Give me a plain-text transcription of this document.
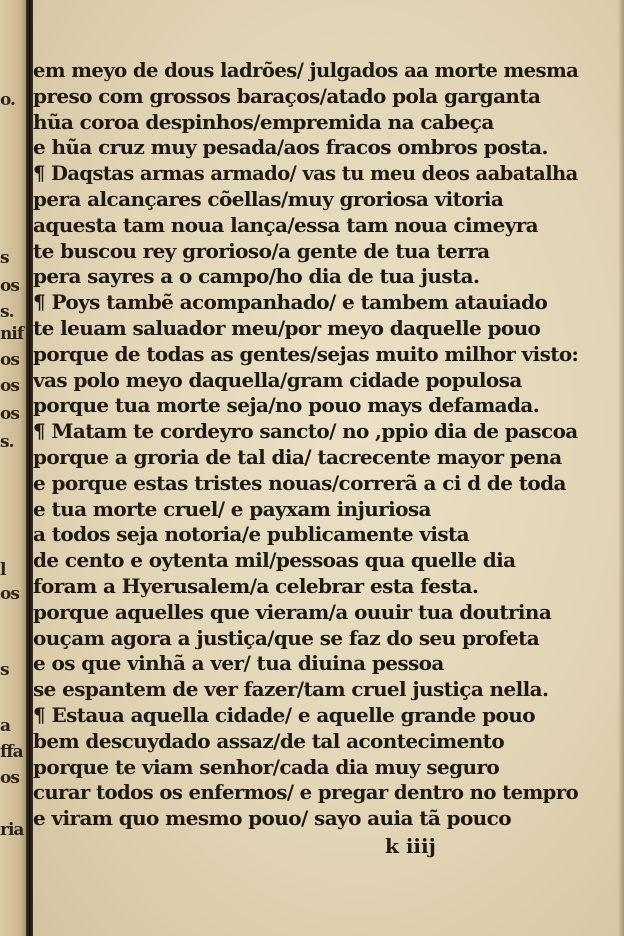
o.
s
os
s.
nif
os
os
os
s.
l
os
s
a
ffa
os
ria
em meyo de dous ladrões/ julgados aa morte mesma
preso com grossos baraços/atado pola garganta
hũa coroa despinhos/empremida na cabeça
e hũa cruz muy pesada/aos fracos ombros posta.
¶ Daqstas armas armado/ vas tu meu deos aabatalha
pera alcançares cõellas/muy groriosa vitoria
aquesta tam noua lança/essa tam noua cimeyra
te buscou rey grorioso/a gente de tua terra
pera sayres a o campo/ho dia de tua justa.
¶ Poys tambẽ acompanhado/ e tambem atauiado
te leuam saluador meu/por meyo daquelle pouo
porque de todas as gentes/sejas muito milhor visto:
vas polo meyo daquella/gram cidade populosa
porque tua morte seja/no pouo mays defamada.
¶ Matam te cordeyro sancto/ no ,ppio dia de pascoa
porque a groria de tal dia/ tacrecente mayor pena
e porque estas tristes nouas/correrã a ci d de toda
e tua morte cruel/ e payxam injuriosa
a todos seja notoria/e publicamente vista
de cento e oytenta mil/pessoas qua quelle dia
foram a Hyerusalem/a celebrar esta festa.
porque aquelles que vieram/a ouuir tua doutrina
ouçam agora a justiça/que se faz do seu profeta
e os que vinhã a ver/ tua diuina pessoa
se espantem de ver fazer/tam cruel justiça nella.
¶ Estaua aquella cidade/ e aquelle grande pouo
bem descuydado assaz/de tal acontecimento
porque te viam senhor/cada dia muy seguro
curar todos os enfermos/ e pregar dentro no tempro
e viram quo mesmo pouo/ sayo auia tã pouco
k iiij
